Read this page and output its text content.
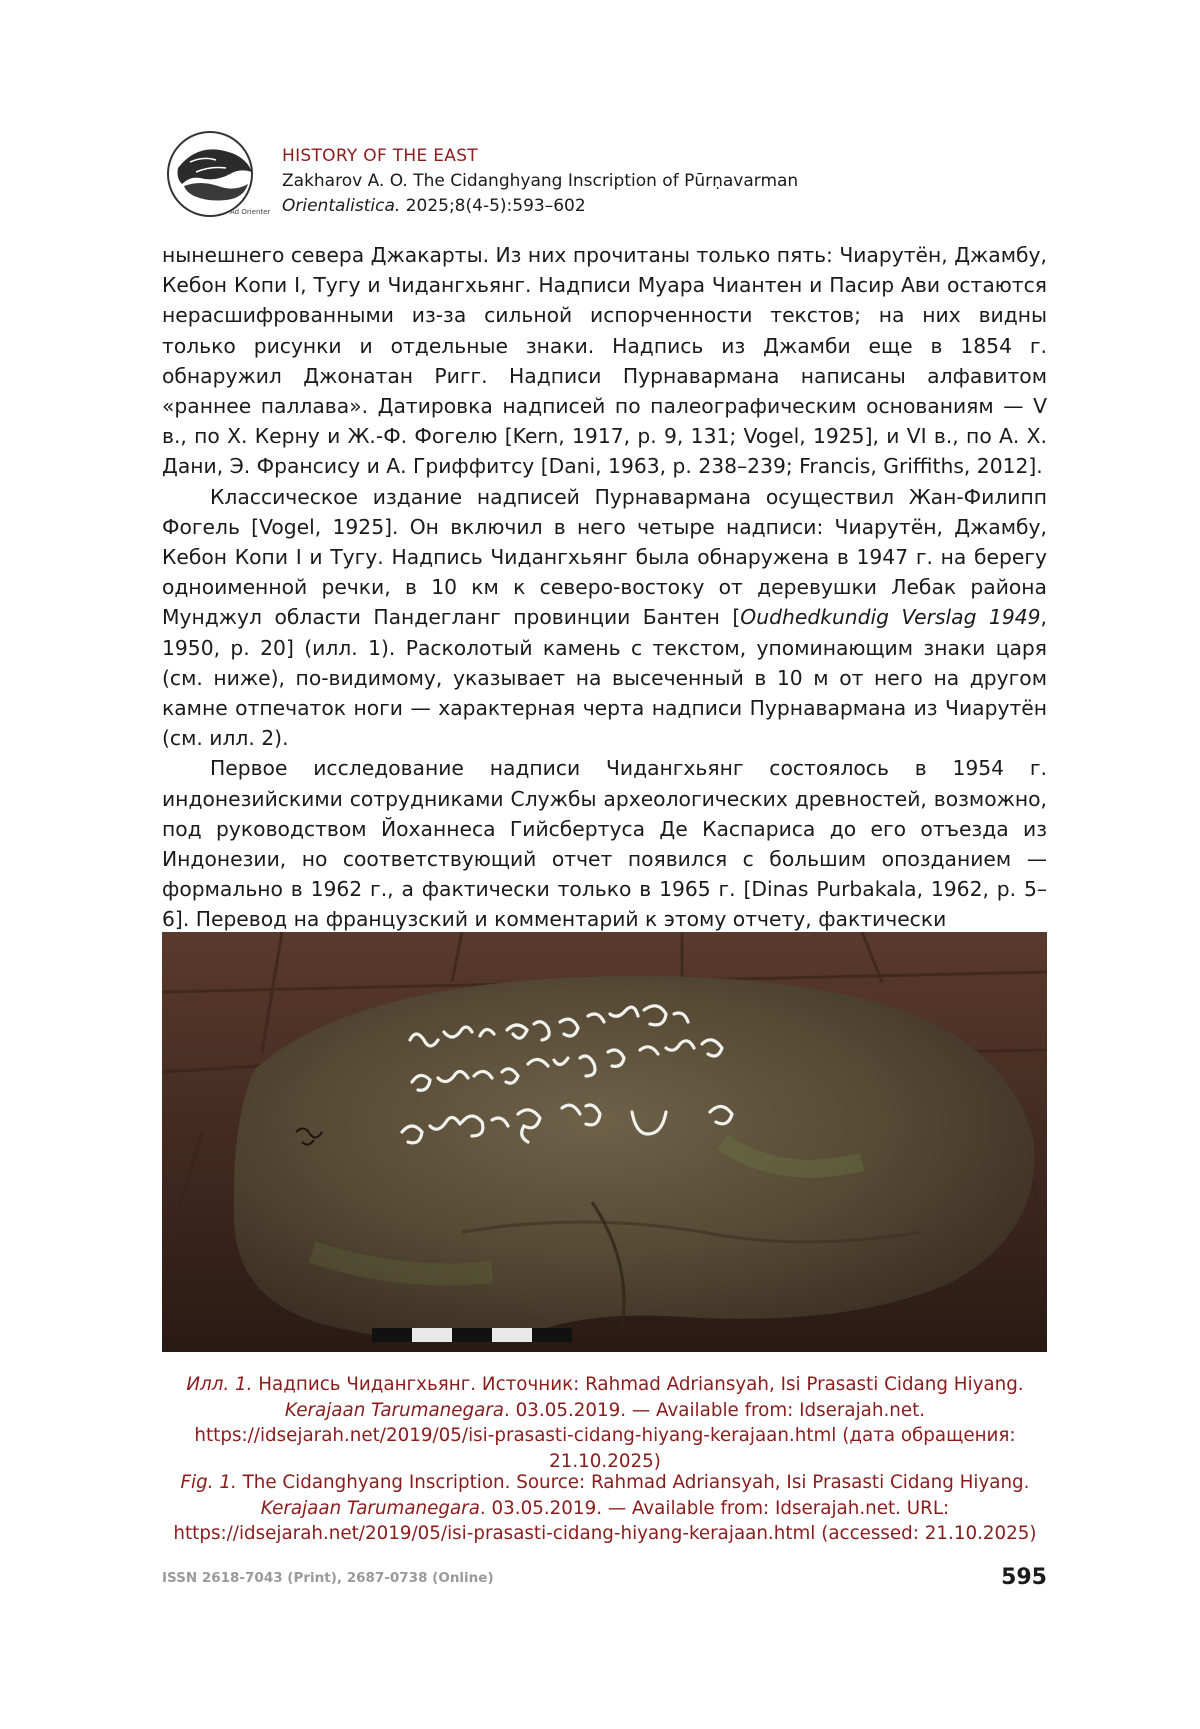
Ad Orientem
HISTORY OF THE EAST
Zakharov A. O. The Cidanghyang Inscription of Pūrṇavarman
Orientalistica. 2025;8(4-5):593–602

нынешнего севера Джакарты. Из них прочитаны только пять: Чиарутён, Джамбу, Кебон Копи I, Тугу и Чидангхьянг. Надписи Муара Чиантен и Пасир Ави остаются нерасшифрованными из-за сильной испорченности текстов; на них видны только рисунки и отдельные знаки. Надпись из Джамби еще в 1854 г. обнаружил Джонатан Ригг. Надписи Пурнавармана написаны алфавитом «раннее паллава». Датировка надписей по палеографическим основаниям — V в., по Х. Керну и Ж.-Ф. Фогелю [Kern, 1917, p. 9, 131; Vogel, 1925], и VI в., по А. Х. Дани, Э. Франсису и А. Гриффитсу [Dani, 1963, p. 238–239; Francis, Griffiths, 2012].

Классическое издание надписей Пурнавармана осуществил Жан-Филипп Фогель [Vogel, 1925]. Он включил в него четыре надписи: Чиарутён, Джамбу, Кебон Копи I и Тугу. Надпись Чидангхьянг была обнаружена в 1947 г. на берегу одноименной речки, в 10 км к северо-востоку от деревушки Лебак района Мунджул области Пандегланг провинции Бантен [Oudhedkundig Verslag 1949, 1950, p. 20] (илл. 1). Расколотый камень с текстом, упоминающим знаки царя (см. ниже), по-видимому, указывает на высеченный в 10 м от него на другом камне отпечаток ноги — характерная черта надписи Пурнавармана из Чиарутён (см. илл. 2).

Первое исследование надписи Чидангхьянг состоялось в 1954 г. индонезийскими сотрудниками Службы археологических древностей, возможно, под руководством Йоханнеса Гийсбертуса Де Каспариса до его отъезда из Индонезии, но соответствующий отчет появился с большим опозданием — формально в 1962 г., а фактически только в 1965 г. [Dinas Purbakala, 1962, p. 5–6]. Перевод на французский и комментарий к этому отчету, фактически

Илл. 1. Надпись Чидангхьянг. Источник: Rahmad Adriansyah, Isi Prasasti Cidang Hiyang. Kerajaan Tarumanegara. 03.05.2019. — Available from: Idserajah.net. https://idsejarah.net/2019/05/isi-prasasti-cidang-hiyang-kerajaan.html (дата обращения: 21.10.2025)
Fig. 1. The Cidanghyang Inscription. Source: Rahmad Adriansyah, Isi Prasasti Cidang Hiyang. Kerajaan Tarumanegara. 03.05.2019. — Available from: Idserajah.net. URL: https://idsejarah.net/2019/05/isi-prasasti-cidang-hiyang-kerajaan.html (accessed: 21.10.2025)
ISSN 2618-7043 (Print), 2687-0738 (Online)	595
